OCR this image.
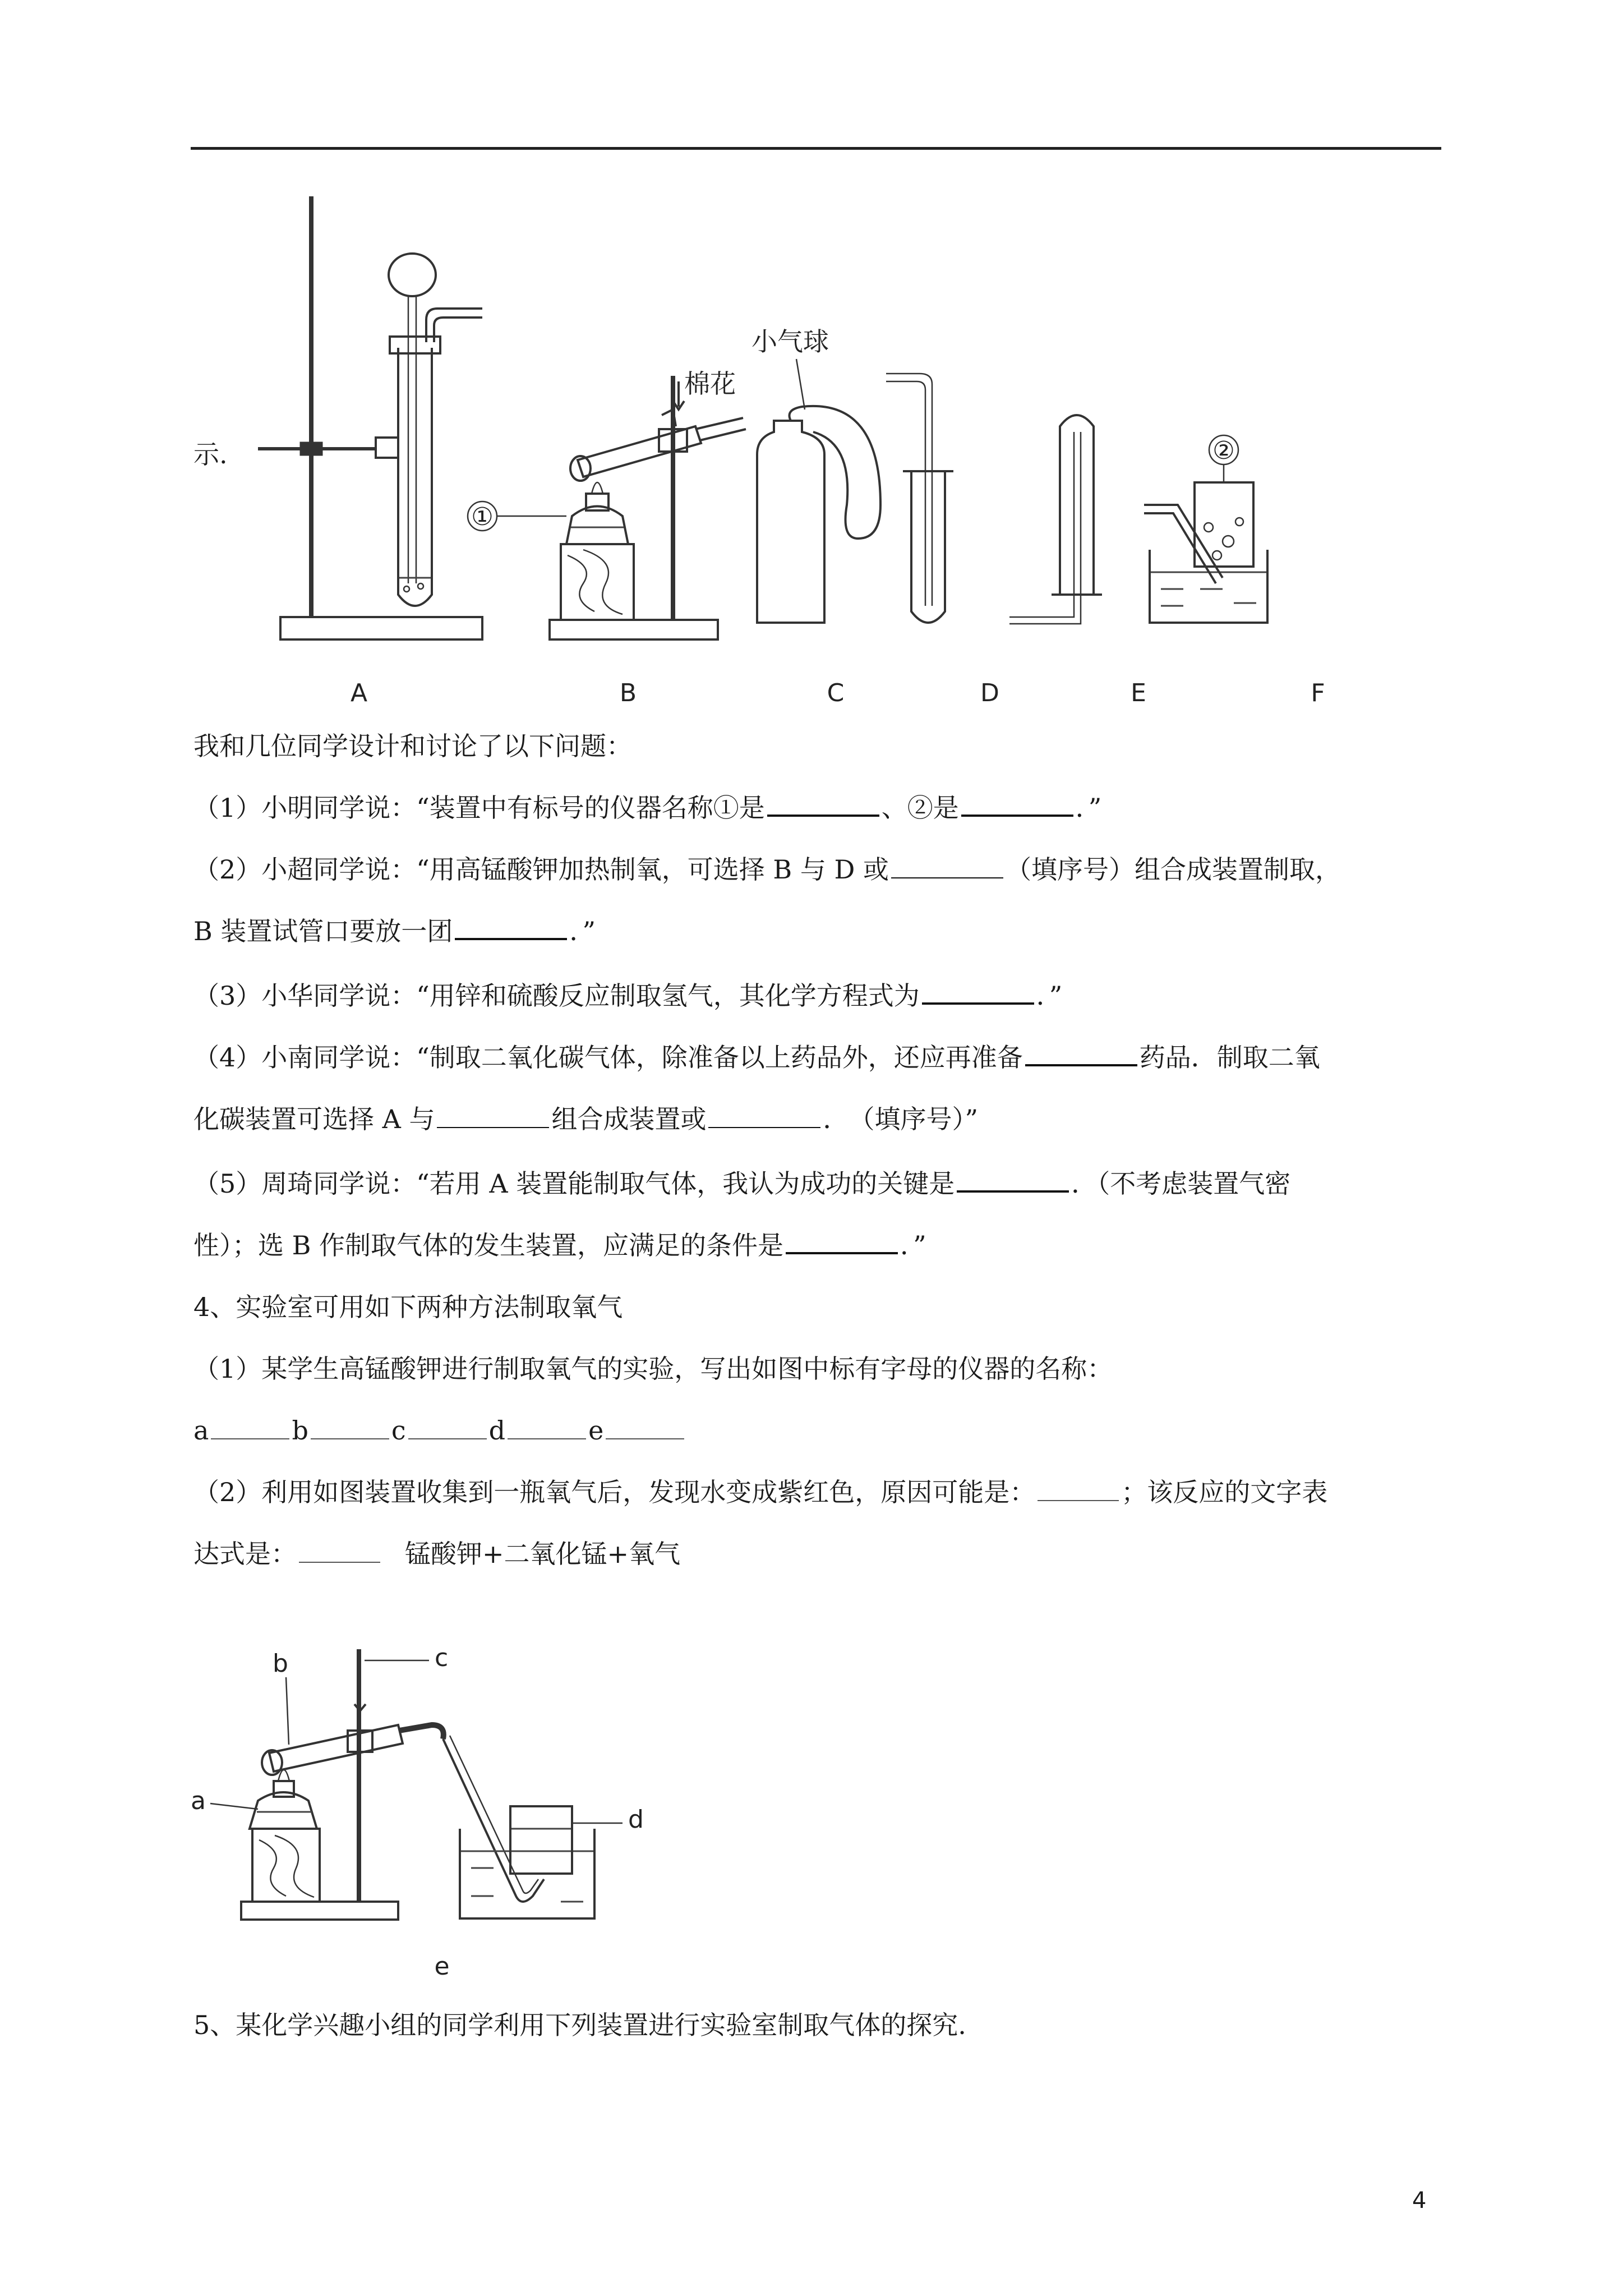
①
棉花
小气球
②
A	B	C	D	E	F
示.
我和几位同学设计和讨论了以下问题：
（1）小明同学说：“装置中有标号的仪器名称①是	、②是	．”
（2）小超同学说：“用高锰酸钾加热制氧，可选择 B 与 D 或	（填序号）组合成装置制取，
B 装置试管口要放一团	．”
（3）小华同学说：“用锌和硫酸反应制取氢气，其化学方程式为	．”
（4）小南同学说：“制取二氧化碳气体，除准备以上药品外，还应再准备	药品．制取二氧
化碳装置可选择 A 与	组合成装置或	．　（填序号）”
（5）周琦同学说：“若用 A 装置能制取气体，我认为成功的关键是	．（不考虑装置气密
性）；选 B 作制取气体的发生装置，应满足的条件是	．”
4、实验室可用如下两种方法制取氧气
（1）某学生高锰酸钾进行制取氧气的实验，写出如图中标有字母的仪器的名称：
a	b	c	d	e
（2）利用如图装置收集到一瓶氧气后，发现水变成紫红色，原因可能是：	；该反应的文字表
达式是：	锰酸钾+二氧化锰+氧气
b	c
a
d
e
5、某化学兴趣小组的同学利用下列装置进行实验室制取气体的探究.
4
